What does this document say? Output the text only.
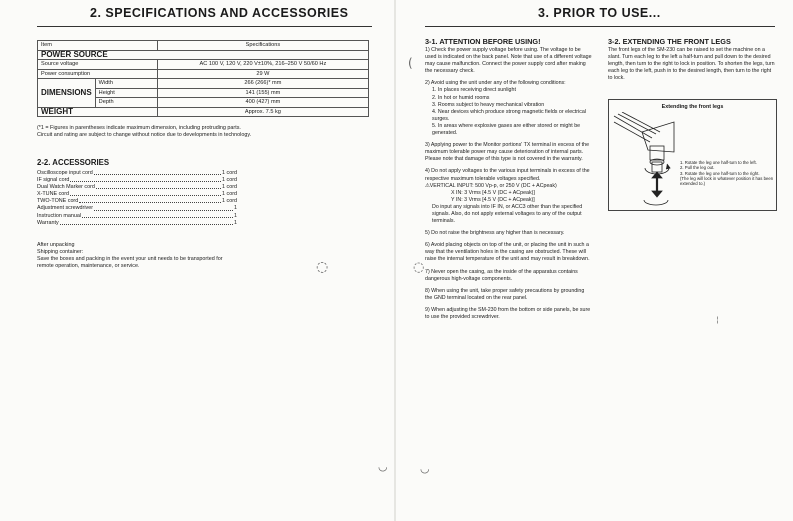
2. SPECIFICATIONS AND ACCESSORIES
Item		Specifications
POWER SOURCE		
Source voltage		AC 100 V, 120 V, 220 V±10%, 216–250 V 50/60 Hz
Power consumption		29 W
DIMENSIONS	Width	266 (266)* mm
	Height	141 (155) mm
	Depth	400 (427) mm
WEIGHT		Approx. 7.5 kg
(*1 = Figures in parentheses indicate maximum dimension, including protruding parts.
Circuit and rating are subject to change without notice due to developments in technology.
2-2. ACCESSORIES
Oscilloscope input cord	1 cord
IF signal cord	1 cord
Dual Watch Marker cord	1 cord
X-TUNE cord	1 cord
TWO-TONE cord	1 cord
Adjustment screwdriver	1
Instruction manual	1
Warranty	1
After unpacking
Shipping container:
Save the boxes and packing in the event your unit needs to be transported for remote operation, maintenance, or service.	◌
◡
3. PRIOR TO USE...
3-1. ATTENTION BEFORE USING!

1) Check the power supply voltage before using. The voltage to be used is indicated on the back panel. Note that use of a different voltage may cause malfunction. Connect the power supply cord after making the necessary check.

2) Avoid using the unit under any of the following conditions:

1. In places receiving direct sunlight
2. In hot or humid rooms
3. Rooms subject to heavy mechanical vibration
4. Near devices which produce strong magnetic fields or electrical surges.
5. In areas where explosive gases are either stored or might be generated.

3) Applying power to the Monitor portions' TX terminal in excess of the maximum tolerable power may cause deterioration of internal parts. Please note that damage of this type is not covered in the warranty.

4) Do not apply voltages to the various input terminals in excess of the respective maximum tolerable voltages specified.

⚠VERTICAL INPUT: 500 Vp-p, or 250 V (DC + ACpeak)
X IN: 3 Vrms [4.5 V (DC + ACpeak)]
Y IN: 3 Vrms [4.5 V (DC + ACpeak)]

Do input any signals into IF IN, or ACC3 other than the specified signals. Also, do not apply external voltages to any of the output terminals.

5) Do not raise the brightness any higher than is necessary.

6) Avoid placing objects on top of the unit, or placing the unit in such a way that the ventilation holes in the casing are obstructed. These will raise the internal temperature of the unit and may result in breakdown.

7) Never open the casing, as the inside of the apparatus contains dangerous high-voltage components.

8) When using the unit, take proper safety precautions by grounding the GND terminal located on the rear panel.

9) When adjusting the SM-230 from the bottom or side panels, be sure to use the provided screwdriver.

3-2. EXTENDING THE FRONT LEGS
The front legs of the SM-230 can be raised to set the machine on a slant. Turn each leg to the left a half-turn and pull down to the desired length, then turn to the right to lock in position. To shorten the legs, turn each leg to the left, push in to the desired length, then turn to the right to lock.
Extending the front legs
1. Rotate the leg one half-turn to the left.
2. Pull the leg out.
3. Rotate the leg one half-turn to the right.
(The leg will lock in whatever position it has been extended to.)
(
◌
◡
¦
